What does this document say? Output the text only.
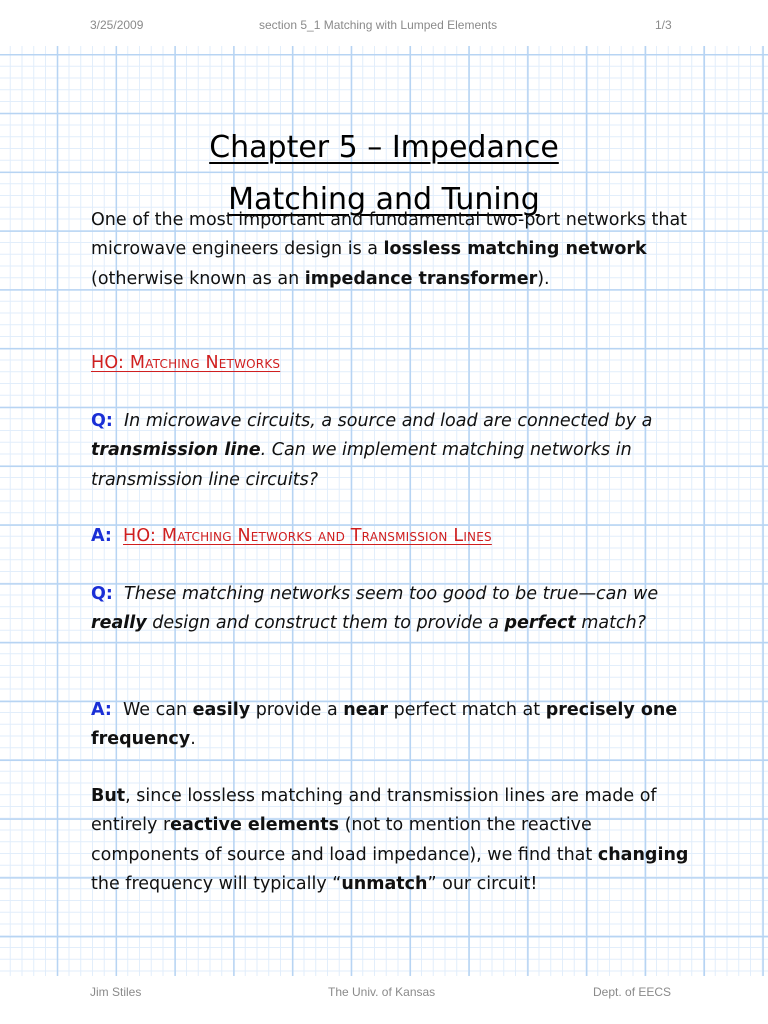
3/25/2009	section 5_1 Matching with Lumped Elements	1/3
Chapter 5 – Impedance
Matching and Tuning
One of the most important and fundamental two-port networks that microwave engineers design is a lossless matching network (otherwise known as an impedance transformer).
HO: Matching Networks
Q: In microwave circuits, a source and load are connected by a transmission line. Can we implement matching networks in transmission line circuits?
A: HO: Matching Networks and Transmission Lines
Q: These matching networks seem too good to be true—can we really design and construct them to provide a perfect match?
A: We can easily provide a near perfect match at precisely one frequency.
But, since lossless matching and transmission lines are made of entirely reactive elements (not to mention the reactive components of source and load impedance), we find that changing the frequency will typically “unmatch” our circuit!
Jim Stiles	The Univ. of Kansas	Dept. of EECS
